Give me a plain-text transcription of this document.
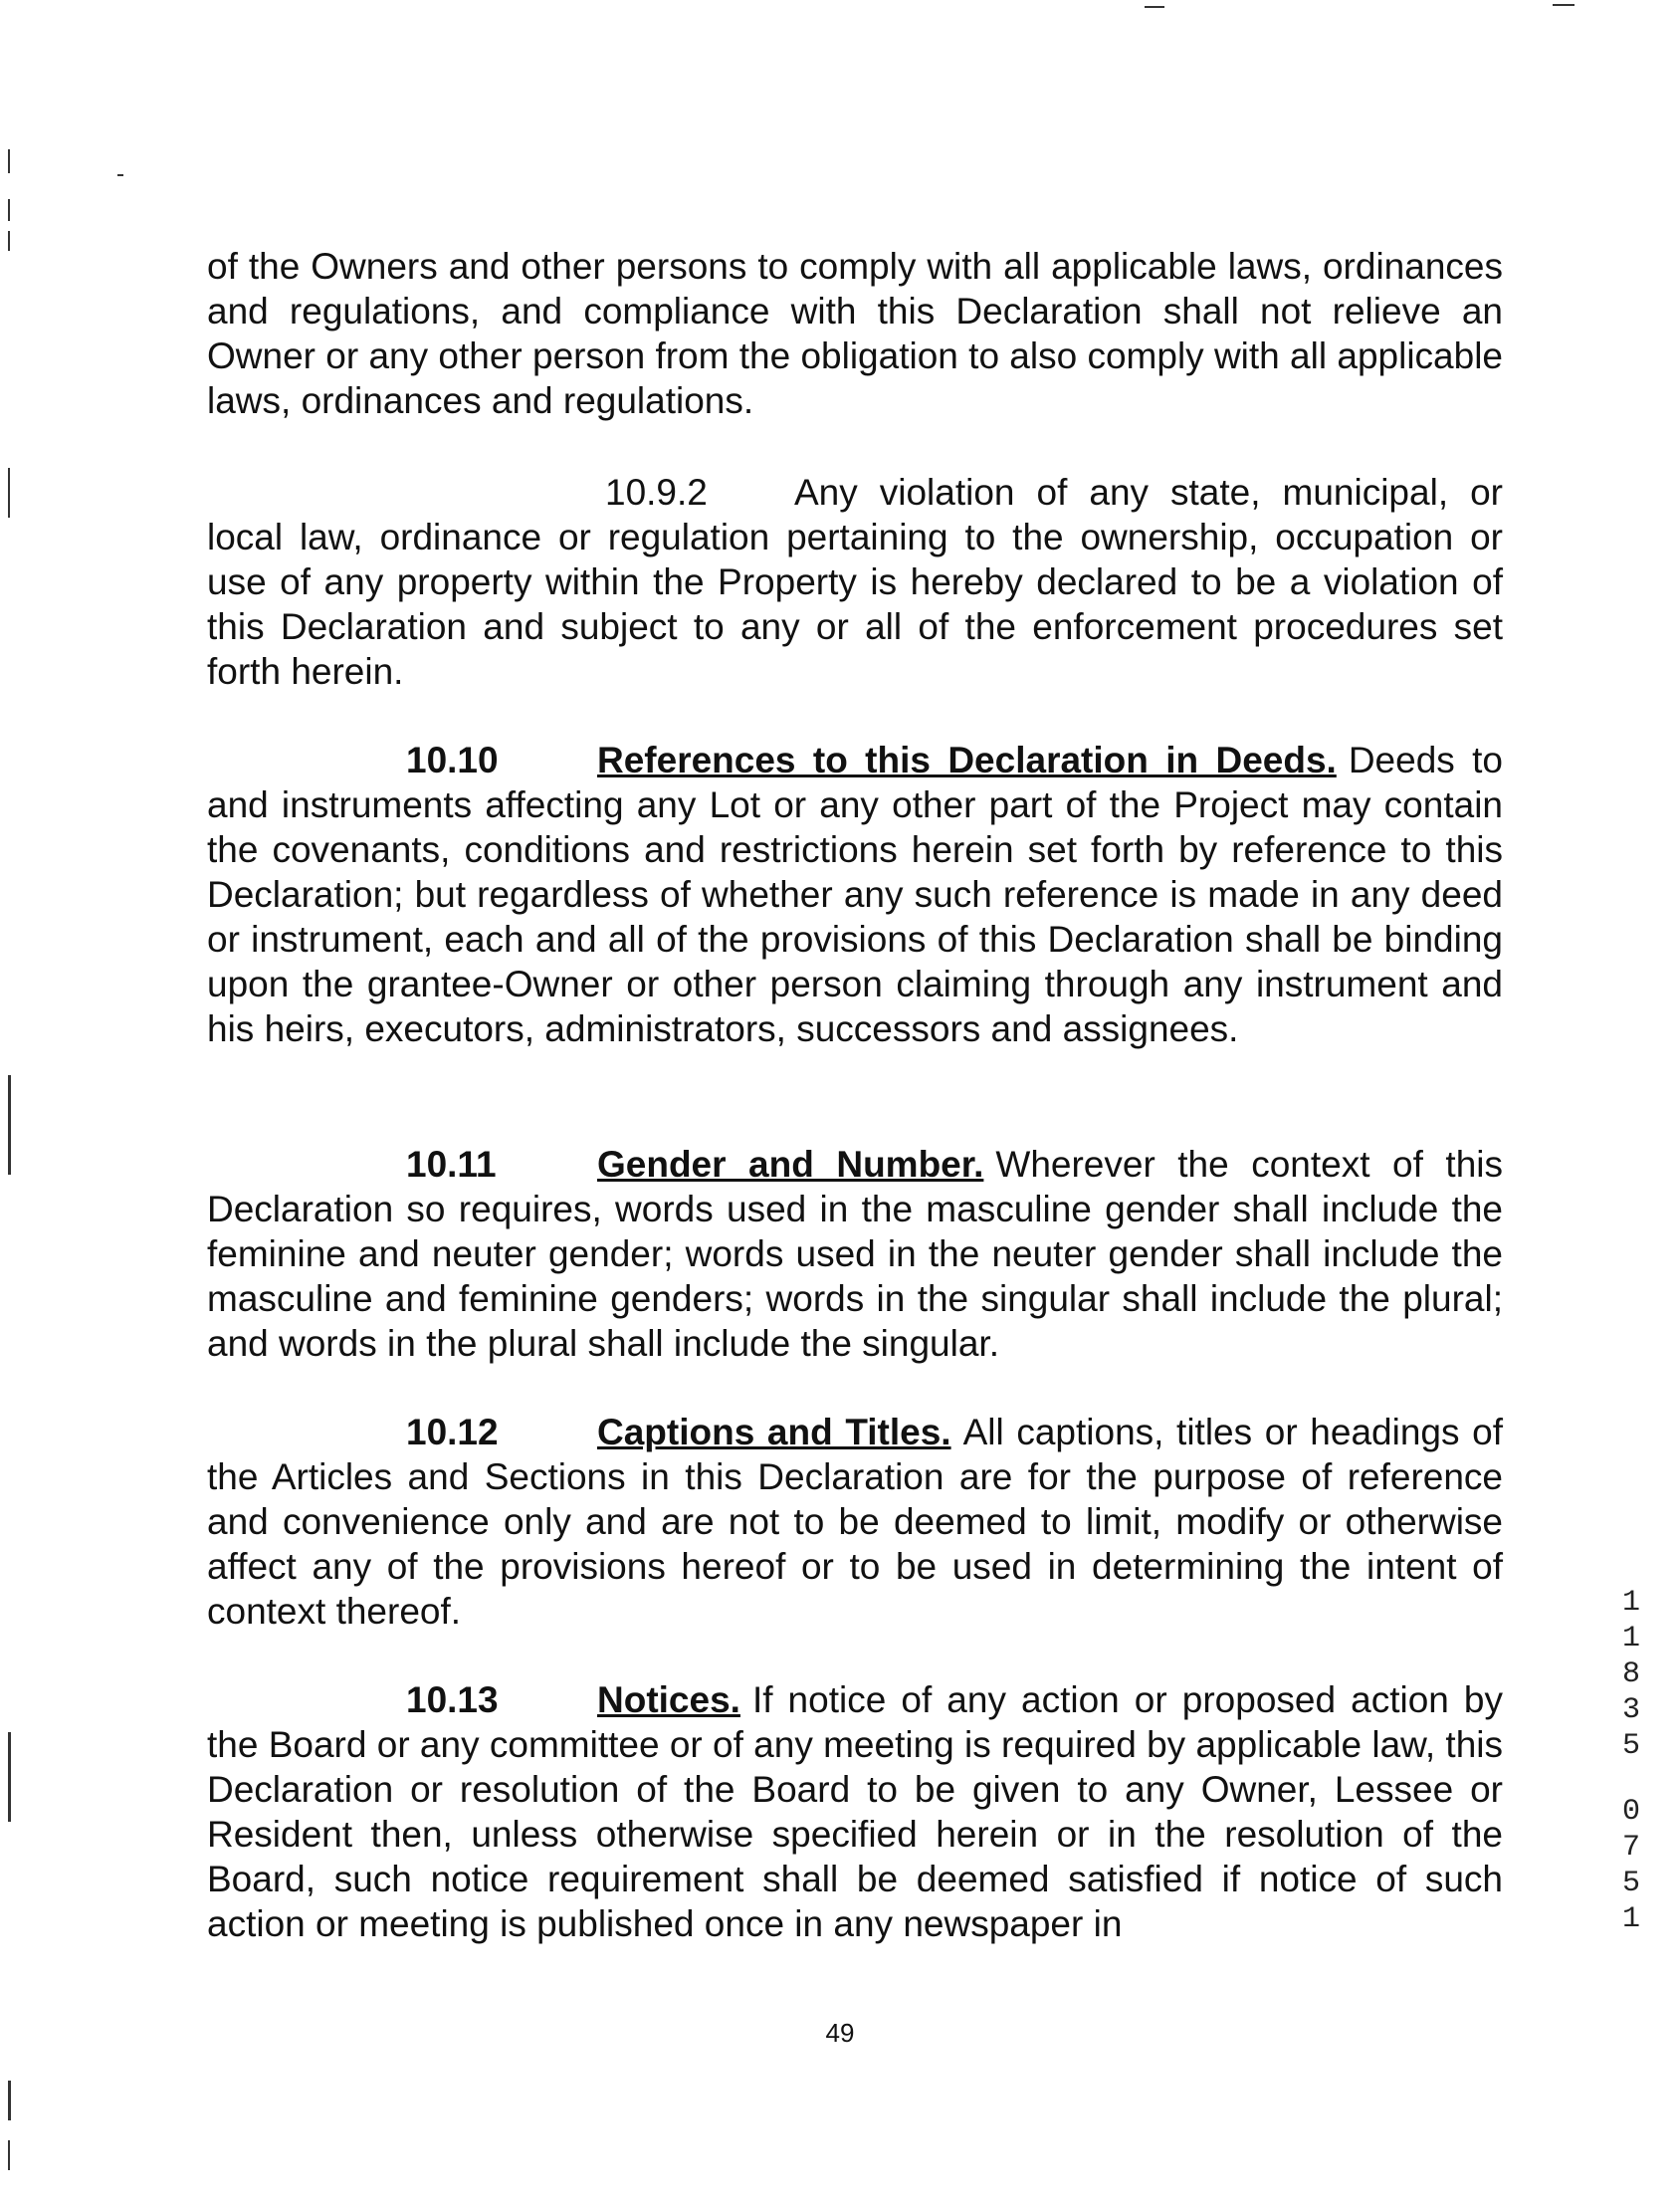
of the Owners and other persons to comply with all applicable laws, ordinances and regulations, and compliance with this Declaration shall not relieve an Owner or any other person from the obligation to also comply with all applicable laws, ordinances and regulations.

10.9.2 Any violation of any state, municipal, or local law, ordinance or regulation pertaining to the ownership, occupation or use of any property within the Property is hereby declared to be a violation of this Declaration and subject to any or all of the enforcement procedures set forth herein.

10.10	References to this Declaration in Deeds. Deeds to and instruments affecting any Lot or any other part of the Project may contain the covenants, conditions and restrictions herein set forth by reference to this Declaration; but regardless of whether any such reference is made in any deed or instrument, each and all of the provisions of this Declaration shall be binding upon the grantee-Owner or other person claiming through any instrument and his heirs, executors, administrators, successors and assignees.

10.11	Gender and Number. Wherever the context of this Declaration so requires, words used in the masculine gender shall include the feminine and neuter gender; words used in the neuter gender shall include the masculine and feminine genders; words in the singular shall include the plural; and words in the plural shall include the singular.

10.12	Captions and Titles. All captions, titles or headings of the Articles and Sections in this Declaration are for the purpose of reference and convenience only and are not to be deemed to limit, modify or otherwise affect any of the provisions hereof or to be used in determining the intent of context thereof.

10.13	Notices. If notice of any action or proposed action by the Board or any committee or of any meeting is required by applicable law, this Declaration or resolution of the Board to be given to any Owner, Lessee or Resident then, unless otherwise specified herein or in the resolution of the Board, such notice requirement shall be deemed satisfied if notice of such action or meeting is published once in any newspaper in

49
1
1
8
3
5
0
7
5
1
